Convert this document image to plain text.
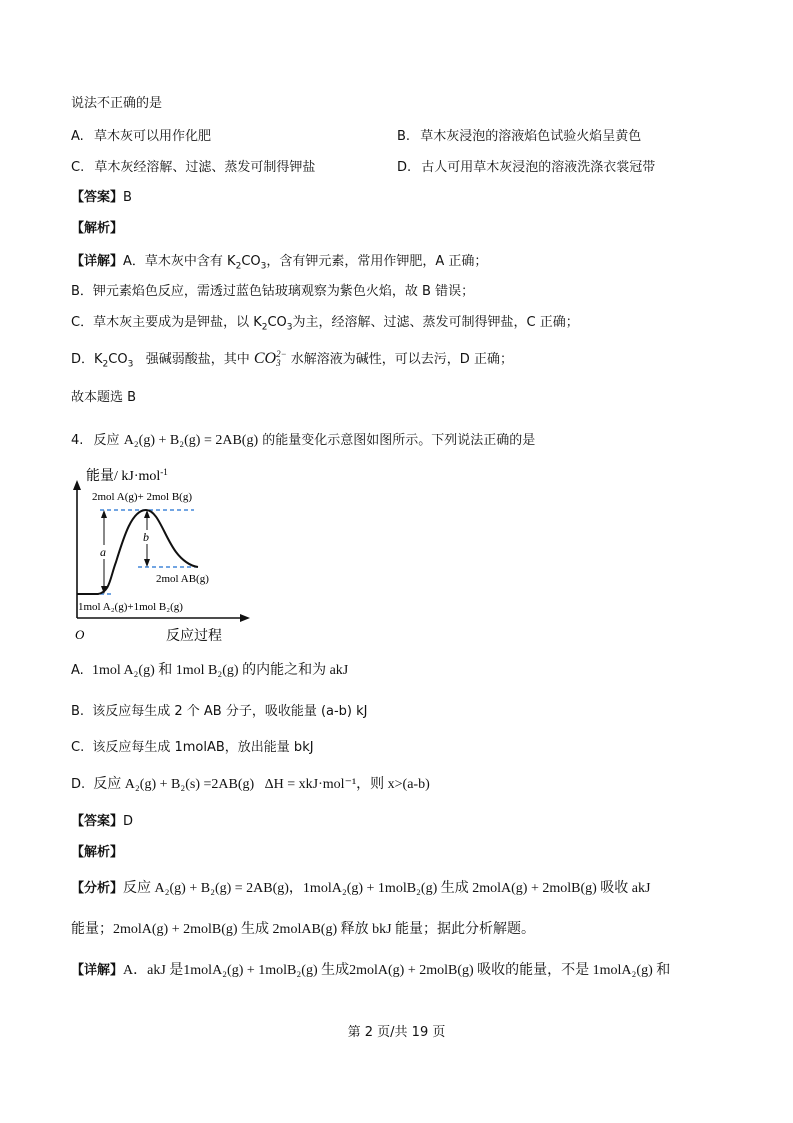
说法不正确的是
A. 草木灰可以用作化肥	B. 草木灰浸泡的溶液焰色试验火焰呈黄色
C. 草木灰经溶解、过滤、蒸发可制得钾盐	D. 古人可用草木灰浸泡的溶液洗涤衣裳冠带
【答案】B
【解析】
【详解】A．草木灰中含有 $K_2CO_3$，含有钾元素，常用作钾肥，A 正确；
B．钾元素焰色反应，需透过蓝色钴玻璃观察为紫色火焰，故 B 错误；
C．草木灰主要成为是钾盐，以 $K_2CO_3$为主，经溶解、过滤、蒸发可制得钾盐，C 正确；
D．$K_2CO_3$   强碱弱酸盐，其中 CO 2−
3 水解溶液为碱性，可以去污，D 正确；
故本题选 B
4. 反应 A₂(g) + B₂(g) = 2AB(g) 的能量变化示意图如图所示。下列说法正确的是
a
b
能量/ kJ·mol$^{-1}$
2mol A(g)+ 2mol B(g)
2mol AB(g)
1mol A₂(g)+1mol B₂(g)
O	反应过程
A. 1mol A₂(g) 和 1mol B₂(g) 的内能之和为 akJ
B. 该反应每生成 2 个 AB 分子，吸收能量 (a-b) kJ
C. 该反应每生成 1molAB，放出能量 bkJ
D. 反应 A₂(g) + B₂(s) =2AB(g)   ΔH = xkJ·mol⁻¹，则 x>(a-b)
【答案】D
【解析】
【分析】反应 A₂(g) + B₂(g) = 2AB(g)，1molA₂(g) + 1molB₂(g) 生成 2molA(g) + 2molB(g) 吸收 akJ
能量；2molA(g) + 2molB(g) 生成 2molAB(g) 释放 bkJ 能量；据此分析解题。
【详解】A．akJ 是1molA₂(g) + 1molB₂(g) 生成2molA(g) + 2molB(g) 吸收的能量，不是 1molA₂(g) 和
第 2 页/共 19 页
